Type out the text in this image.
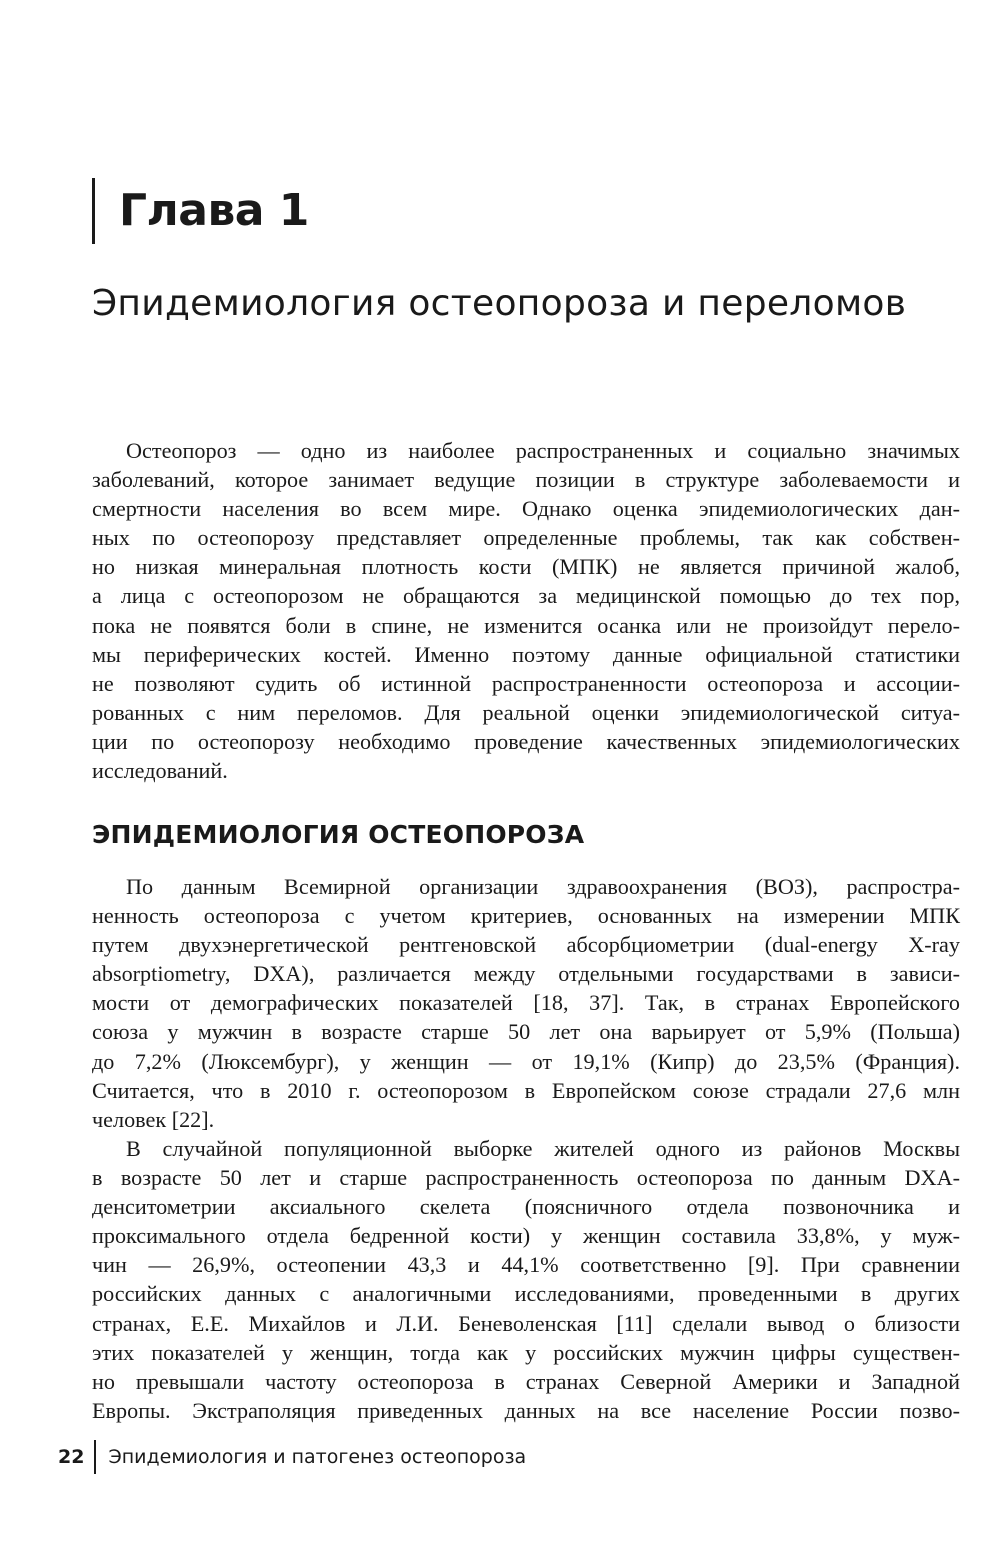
Глава 1
Эпидемиология остеопороза и переломов
Остеопороз — одно из наиболее распространенных и социально значимых
заболеваний, которое занимает ведущие позиции в структуре заболеваемости и
смертности населения во всем мире. Однако оценка эпидемиологических дан-
ных по остеопорозу представляет определенные проблемы, так как собствен-
но низкая минеральная плотность кости (МПК) не является причиной жалоб,
а лица с остеопорозом не обращаются за медицинской помощью до тех пор,
пока не появятся боли в спине, не изменится осанка или не произойдут перело-
мы периферических костей. Именно поэтому данные официальной статистики
не позволяют судить об истинной распространенности остеопороза и ассоции-
рованных с ним переломов. Для реальной оценки эпидемиологической ситуа-
ции по остеопорозу необходимо проведение качественных эпидемиологических
исследований.
ЭПИДЕМИОЛОГИЯ ОСТЕОПОРОЗА
По данным Всемирной организации здравоохранения (ВОЗ), распростра-
ненность остеопороза с учетом критериев, основанных на измерении МПК
путем двухэнергетической рентгеновской абсорбциометрии (dual-energy X-ray
absorptiometry, DXA), различается между отдельными государствами в зависи-
мости от демографических показателей [18, 37]. Так, в странах Европейского
союза у мужчин в возрасте старше 50 лет она варьирует от 5,9% (Польша)
до 7,2% (Люксембург), у женщин — от 19,1% (Кипр) до 23,5% (Франция).
Считается, что в 2010 г. остеопорозом в Европейском союзе страдали 27,6 млн
человек [22].
В случайной популяционной выборке жителей одного из районов Москвы
в возрасте 50 лет и старше распространенность остеопороза по данным DXA-
денситометрии аксиального скелета (поясничного отдела позвоночника и
проксимального отдела бедренной кости) у женщин составила 33,8%, у муж-
чин — 26,9%, остеопении 43,3 и 44,1% соответственно [9]. При сравнении
российских данных с аналогичными исследованиями, проведенными в других
странах, Е.Е. Михайлов и Л.И. Беневоленская [11] сделали вывод о близости
этих показателей у женщин, тогда как у российских мужчин цифры существен-
но превышали частоту остеопороза в странах Северной Америки и Западной
Европы. Экстраполяция приведенных данных на все население России позво-
22 Эпидемиология и патогенез остеопороза
